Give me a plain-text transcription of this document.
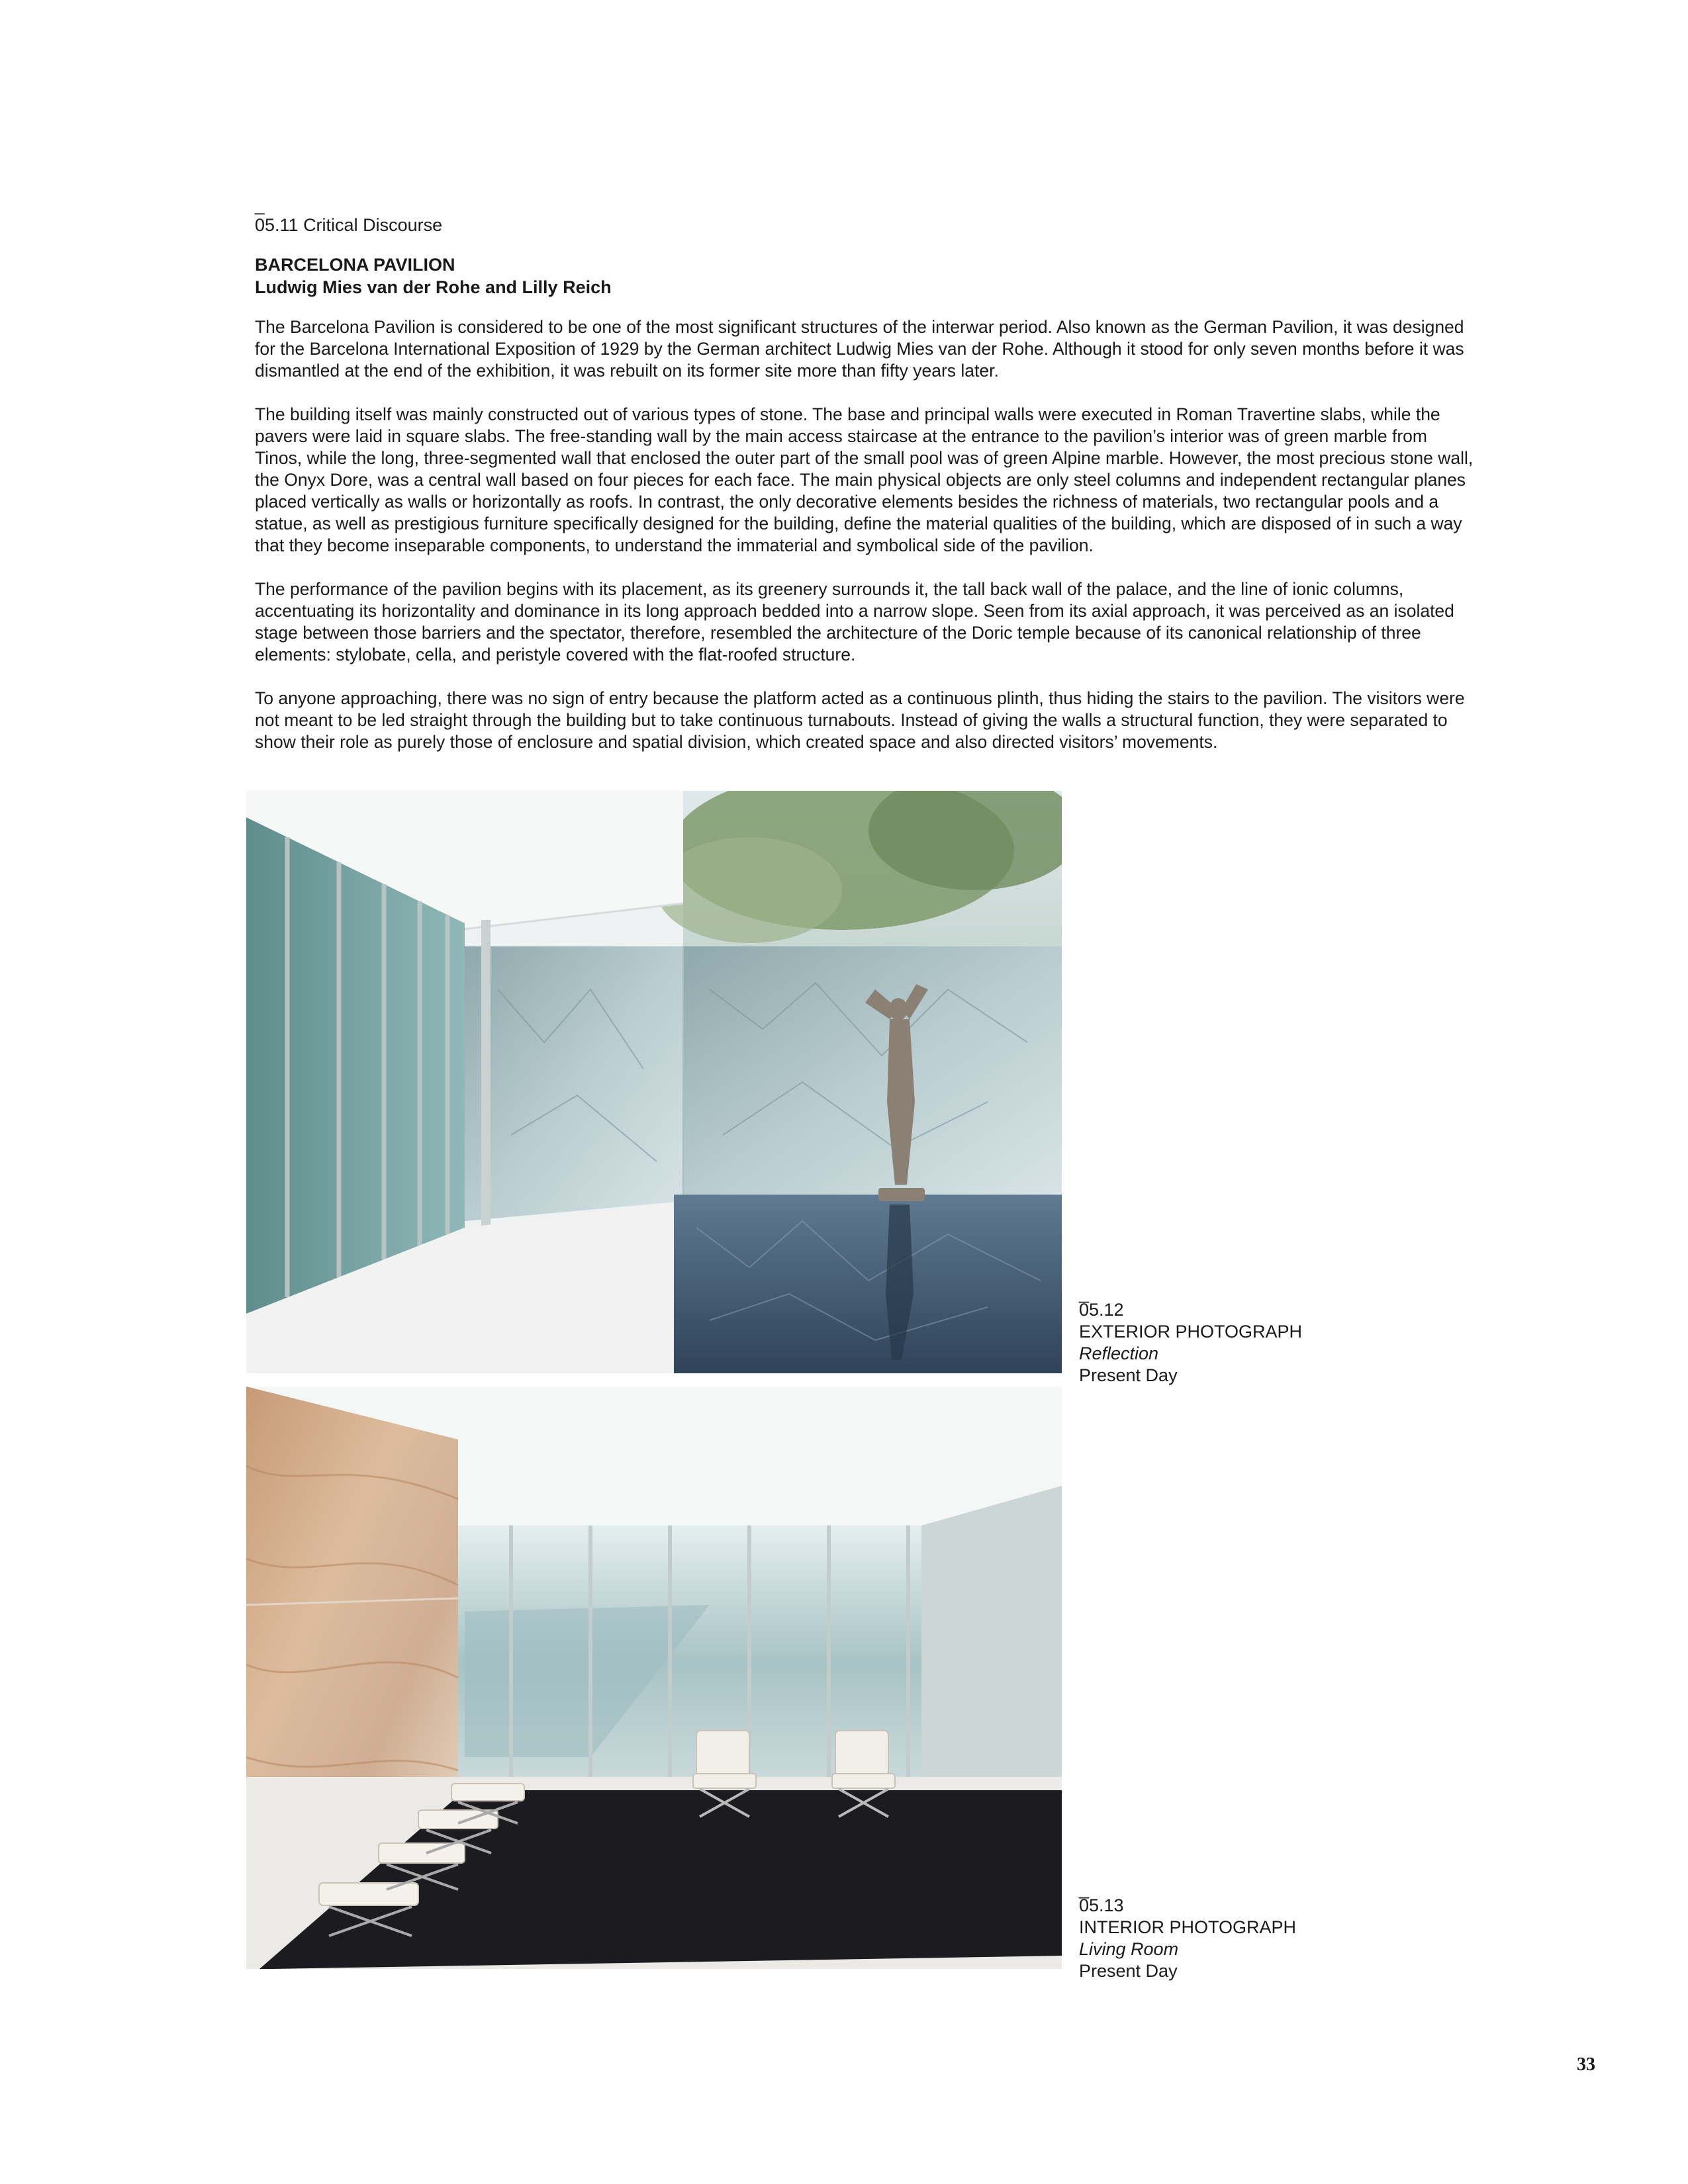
_
05.11 Critical Discourse
BARCELONA PAVILION
Ludwig Mies van der Rohe and Lilly Reich

The Barcelona Pavilion is considered to be one of the most significant structures of the interwar period. Also known as the German Pavilion, it was designed for the Barcelona International Exposition of 1929 by the German architect Ludwig Mies van der Rohe. Although it stood for only seven months before it was dismantled at the end of the exhibition, it was rebuilt on its former site more than fifty years later.

The building itself was mainly constructed out of various types of stone. The base and principal walls were executed in Roman Travertine slabs, while the pavers were laid in square slabs. The free-standing wall by the main access staircase at the entrance to the pavilion’s interior was of green marble from Tinos, while the long, three-segmented wall that enclosed the outer part of the small pool was of green Alpine marble. However, the most precious stone wall, the Onyx Dore, was a central wall based on four pieces for each face. The main physical objects are only steel columns and independent rectangular planes placed vertically as walls or horizontally as roofs. In contrast, the only decorative elements besides the richness of materials, two rectangular pools and a statue, as well as prestigious furniture specifically designed for the building, define the material qualities of the building, which are disposed of in such a way that they become inseparable components, to understand the immaterial and symbolical side of the pavilion.

The performance of the pavilion begins with its placement, as its greenery surrounds it, the tall back wall of the palace, and the line of ionic columns, accentuating its horizontality and dominance in its long approach bedded into a narrow slope. Seen from its axial approach, it was perceived as an isolated stage between those barriers and the spectator, therefore, resembled the architecture of the Doric temple because of its canonical relationship of three elements: stylobate, cella, and peristyle covered with the flat-roofed structure.

To anyone approaching, there was no sign of entry because the platform acted as a continuous plinth, thus hiding the stairs to the pavilion. The visitors were not meant to be led straight through the building but to take continuous turnabouts. Instead of giving the walls a structural function, they were separated to show their role as purely those of enclosure and spatial division, which created space and also directed visitors’ movements.

_
05.12
EXTERIOR PHOTOGRAPH
Reflection
Present Day
_
05.13
INTERIOR PHOTOGRAPH
Living Room
Present Day
33
